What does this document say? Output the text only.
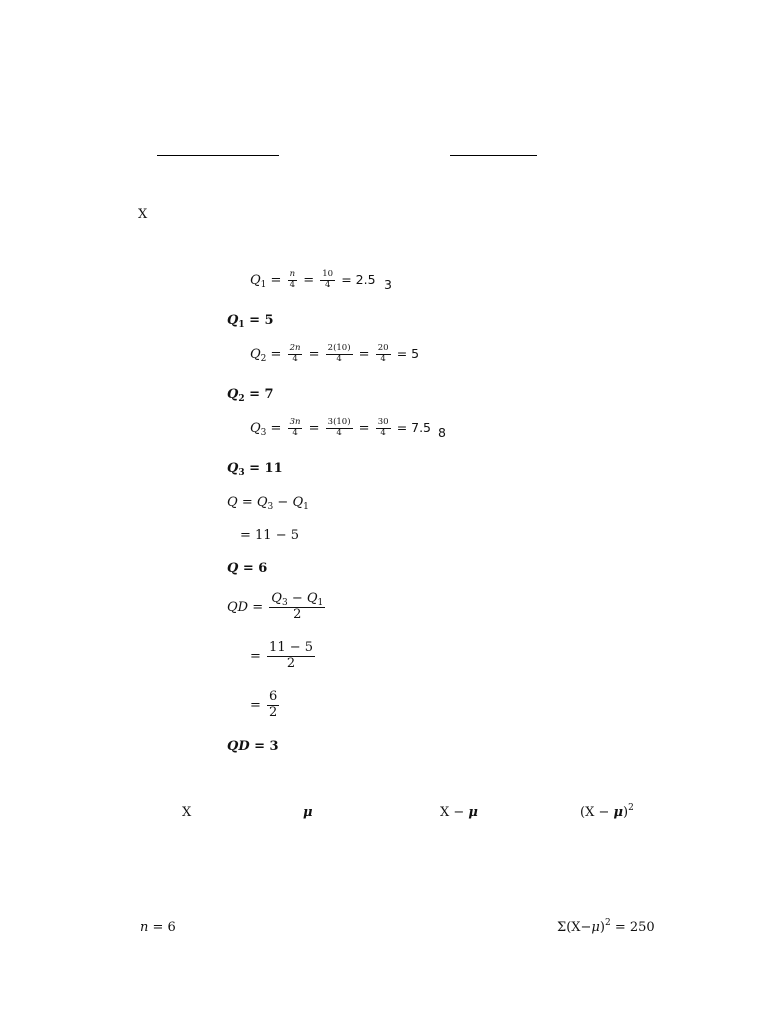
X
$Q_1 = \frac{n}{4} = \frac{10}{4} = 2.5$ 3
$Q_1 = 5$
$Q_2 = \frac{2n}{4} = \frac{2(10)}{4} = \frac{20}{4} = 5$
$Q_2 = 7$
$Q_3 = \frac{3n}{4} = \frac{3(10)}{4} = \frac{30}{4} = 7.5$ 8
$Q_3 = 11$
$Q = Q_3 - Q_1$
= 11 − 5
Q = 6
QD = $\frac{Q_3 - Q_1}{2}$
= $\frac{11 - 5}{2}$
= $\frac{6}{2}$
QD = 3
X	μ	X − μ	$(X - \mu)^2$
n = 6	$\Sigma(X-\mu)^2 = 250$
